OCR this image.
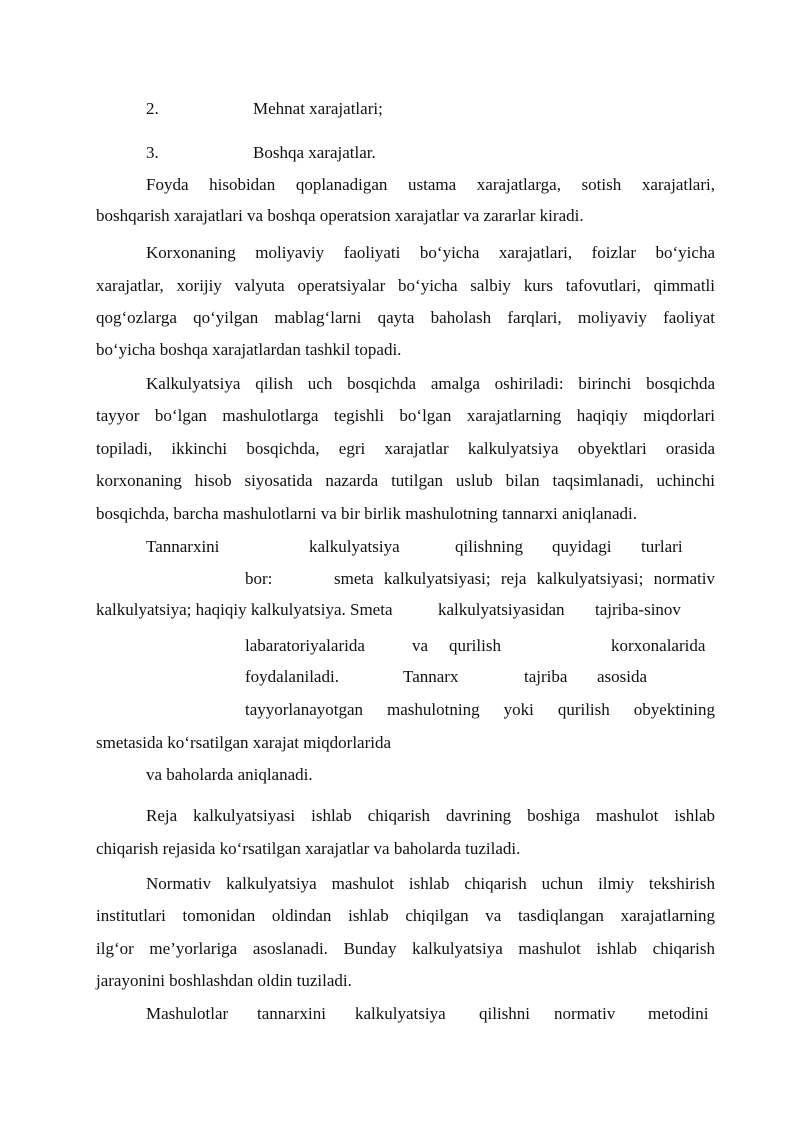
2.	Mehnat xarajatlari;
3.	Boshqa xarajatlar.
Foyda hisobidan qoplanadigan ustama xarajatlarga, sotish xarajatlari,
boshqarish xarajatlari va boshqa operatsion xarajatlar va zararlar kiradi.
Korxonaning moliyaviy faoliyati bo‘yicha xarajatlari, foizlar bo‘yicha
xarajatlar, xorijiy valyuta operatsiyalar bo‘yicha salbiy kurs tafovutlari, qimmatli
qog‘ozlarga qo‘yilgan mablag‘larni qayta baholash farqlari, moliyaviy faoliyat
bo‘yicha boshqa xarajatlardan tashkil topadi.
Kalkulyatsiya qilish uch bosqichda amalga oshiriladi: birinchi bosqichda
tayyor bo‘lgan mashulotlarga tegishli bo‘lgan xarajatlarning haqiqiy miqdorlari
topiladi, ikkinchi bosqichda, egri xarajatlar kalkulyatsiya obyektlari orasida
korxonaning hisob siyosatida nazarda tutilgan uslub bilan taqsimlanadi, uchinchi
bosqichda, barcha mashulotlarni va bir birlik mashulotning tannarxi aniqlanadi.
Tannarxini	kalkulyatsiya	qilishning quyidagi turlari
bor:      smeta kalkulyatsiyasi; reja kalkulyatsiyasi; normativ
kalkulyatsiya; haqiqiy kalkulyatsiya. Smeta	kalkulyatsiyasidan tajriba-sinov
labaratoriyalarida	va qurilish	korxonalarida
foydalaniladi.	Tannarx	tajriba asosida
tayyorlanayotgan mashulotning yoki qurilish obyektining
smetasida ko‘rsatilgan xarajat miqdorlarida
va baholarda aniqlanadi.
Reja kalkulyatsiyasi ishlab chiqarish davrining boshiga mashulot ishlab
chiqarish rejasida ko‘rsatilgan xarajatlar va baholarda tuziladi.
Normativ kalkulyatsiya mashulot ishlab chiqarish uchun ilmiy tekshirish
institutlari tomonidan oldindan ishlab chiqilgan va tasdiqlangan xarajatlarning
ilg‘or me’yorlariga asoslanadi. Bunday kalkulyatsiya mashulot ishlab chiqarish
jarayonini boshlashdan oldin tuziladi.
Mashulotlar tannarxini kalkulyatsiya qilishni normativ metodini
